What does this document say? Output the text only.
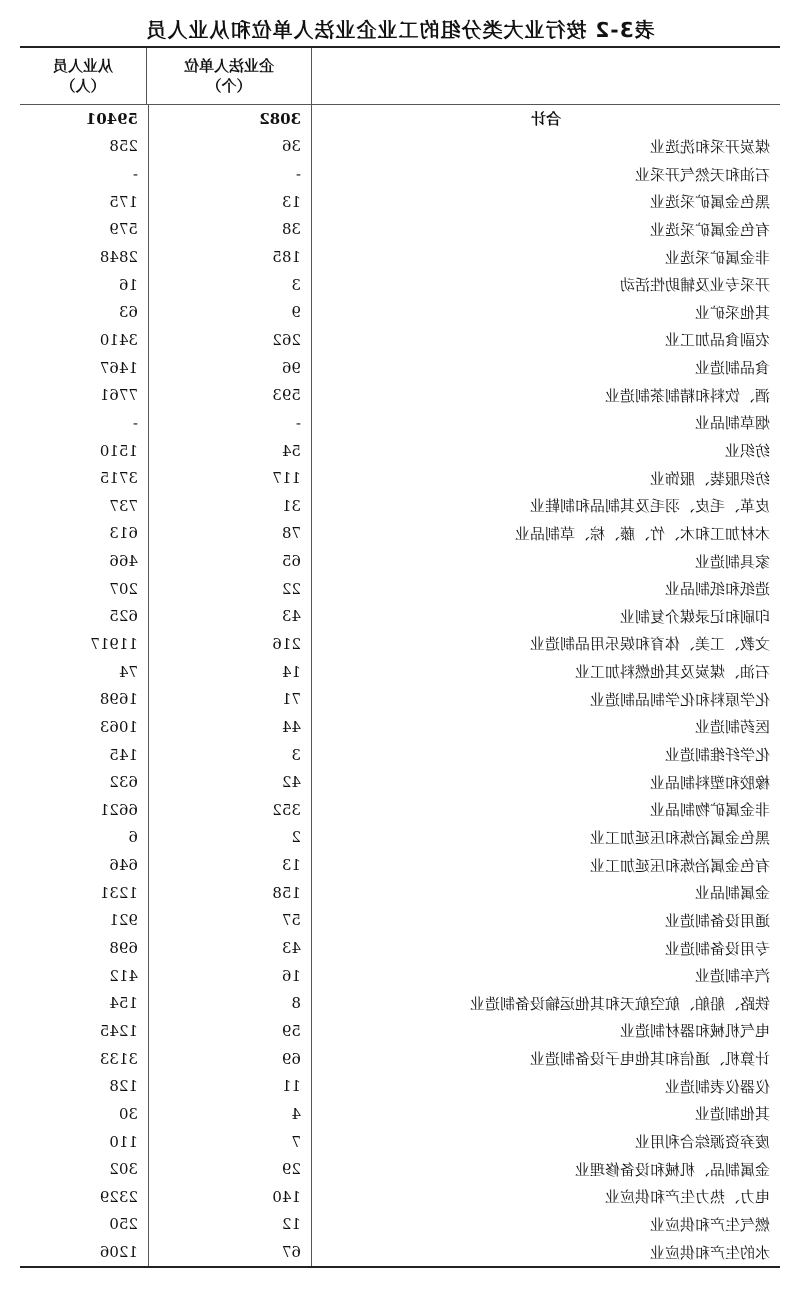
表3-2 按行业大类分组的工业企业法人单位和从业人员
企业法人单位
（个）
从业人员
（人）
合计
3082
59401
煤炭开采和洗选业
36
258
石油和天然气开采业
-
-
黑色金属矿采选业
13
175
有色金属矿采选业
38
579
非金属矿采选业
185
2848
开采专业及辅助性活动
3
16
其他采矿业
9
63
农副食品加工业
262
3410
食品制造业
96
1467
酒、饮料和精制茶制造业
593
7761
烟草制品业
-
-
纺织业
54
1510
纺织服装、服饰业
117
3715
皮革、毛皮、羽毛及其制品和制鞋业
31
737
木材加工和木、竹、藤、棕、草制品业
78
613
家具制造业
65
466
造纸和纸制品业
22
207
印刷和记录媒介复制业
43
625
文教、工美、体育和娱乐用品制造业
216
11917
石油、煤炭及其他燃料加工业
14
74
化学原料和化学制品制造业
71
1698
医药制造业
44
1063
化学纤维制造业
3
145
橡胶和塑料制品业
42
632
非金属矿物制品业
352
6621
黑色金属冶炼和压延加工业
2
6
有色金属冶炼和压延加工业
13
646
金属制品业
158
1231
通用设备制造业
57
921
专用设备制造业
43
698
汽车制造业
16
412
铁路、船舶、航空航天和其他运输设备制造业
8
154
电气机械和器材制造业
59
1245
计算机、通信和其他电子设备制造业
69
3133
仪器仪表制造业
11
128
其他制造业
4
30
废弃资源综合利用业
7
110
金属制品、机械和设备修理业
29
302
电力、热力生产和供应业
140
2329
燃气生产和供应业
12
250
水的生产和供应业
67
1206
